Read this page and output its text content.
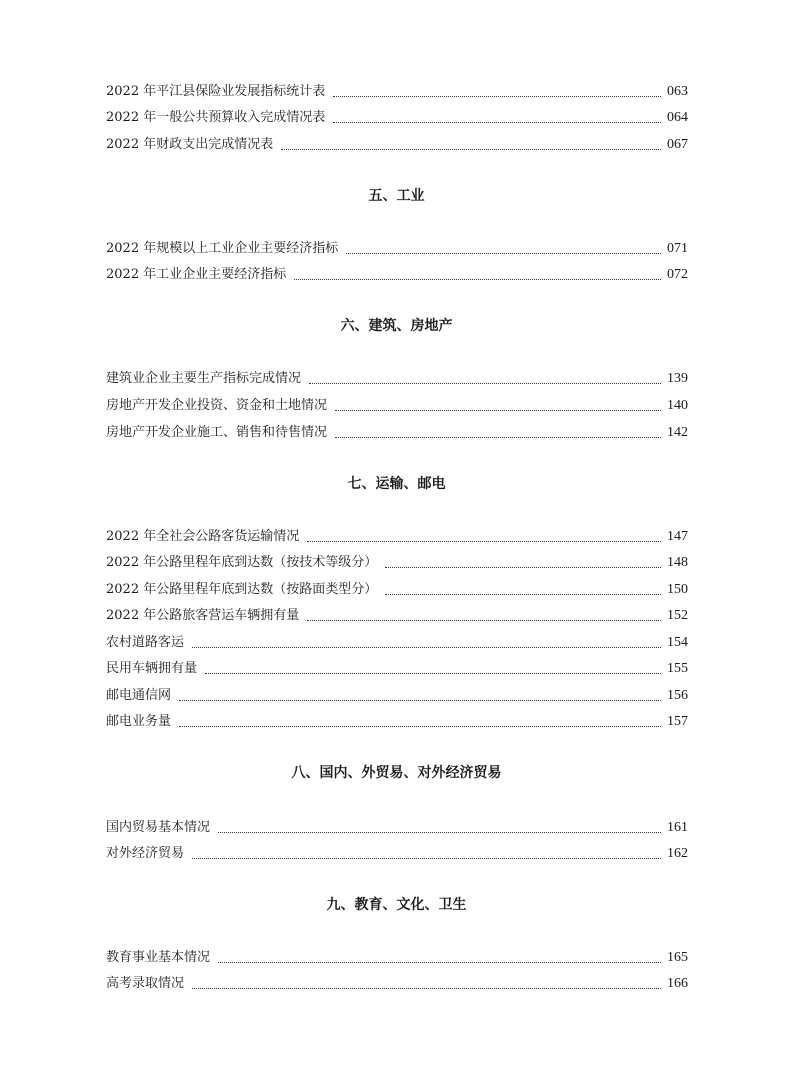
2022 年平江县保险业发展指标统计表	063
2022 年一般公共预算收入完成情况表	064
2022 年财政支出完成情况表	067
五、工业
2022 年规模以上工业企业主要经济指标	071
2022 年工业企业主要经济指标	072
六、建筑、房地产
建筑业企业主要生产指标完成情况	139
房地产开发企业投资、资金和土地情况	140
房地产开发企业施工、销售和待售情况	142
七、运输、邮电
2022 年全社会公路客货运输情况	147
2022 年公路里程年底到达数（按技术等级分）	148
2022 年公路里程年底到达数（按路面类型分）	150
2022 年公路旅客营运车辆拥有量	152
农村道路客运	154
民用车辆拥有量	155
邮电通信网	156
邮电业务量	157
八、国内、外贸易、对外经济贸易
国内贸易基本情况	161
对外经济贸易	162
九、教育、文化、卫生
教育事业基本情况	165
高考录取情况	166
